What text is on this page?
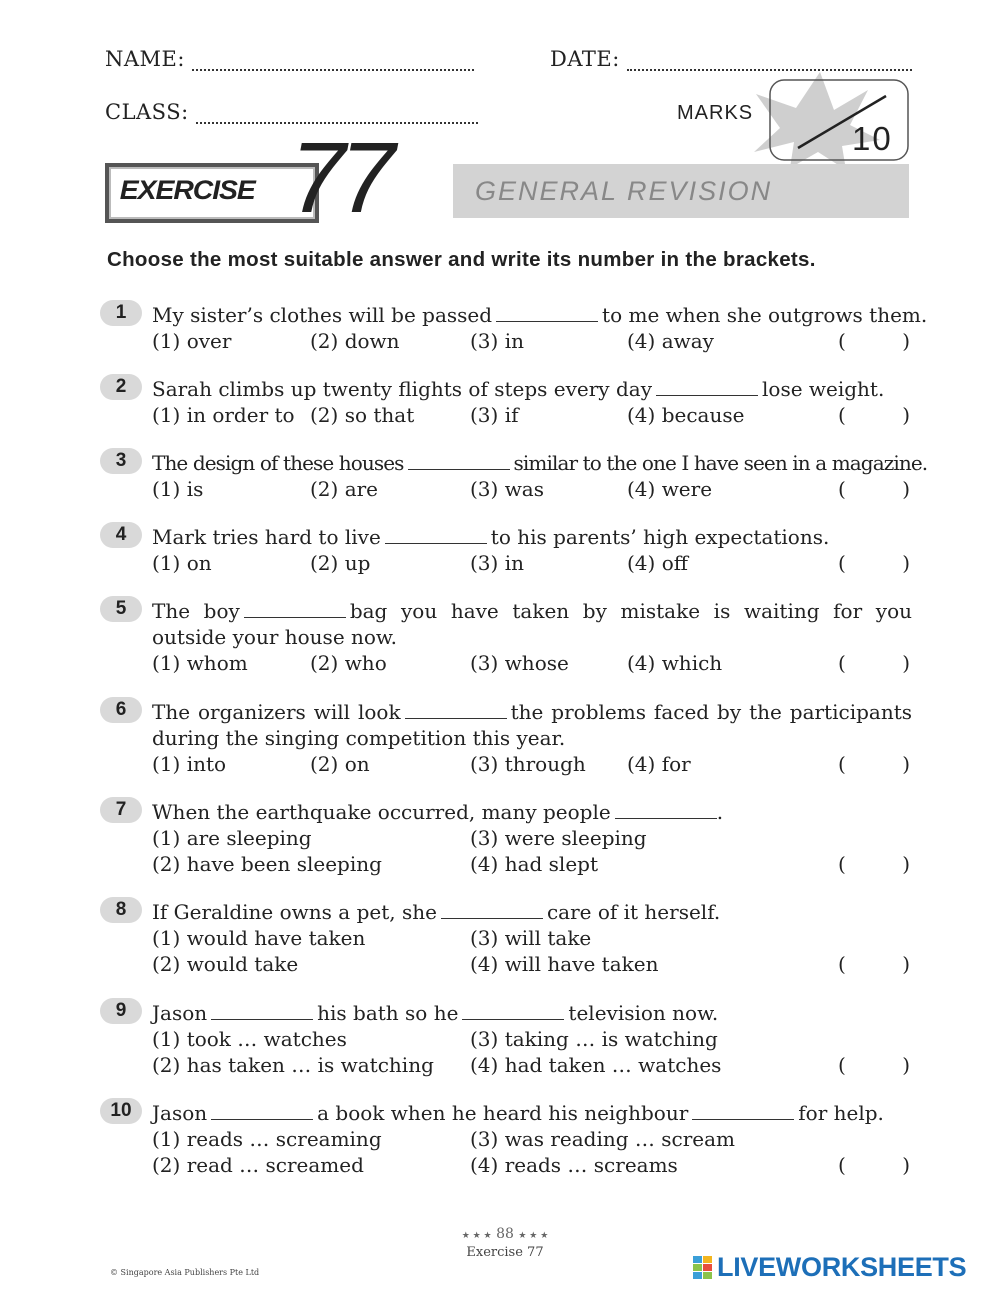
NAME:	DATE:
CLASS:	MARKS
10
EXERCISE 77	GENERAL REVISION
Choose the most suitable answer and write its number in the brackets.
1	My sister’s clothes will be passed	to me when she outgrows them.
(1) over	(2) down	(3) in	(4) away	(	)
2	Sarah climbs up twenty flights of steps every day	lose weight.
(1) in order to (2) so that	(3) if	(4) because	(	)
3	The design of these houses	similar to the one I have seen in a magazine.
(1) is	(2) are	(3) was	(4) were	(	)
4	Mark tries hard to live	to his parents’ high expectations.
(1) on	(2) up	(3) in	(4) off	(	)
5	The boy	bag you have taken by mistake is waiting for you outside your house now.
(1) whom	(2) who	(3) whose	(4) which	(	)
6	The organizers will look	the problems faced by the participants during the singing competition this year.
(1) into	(2) on	(3) through (4) for	(	)
7	When the earthquake occurred, many people	.
(1) are sleeping
(2) have been sleeping
(3) were sleeping
(4) had slept	(	)
8	If Geraldine owns a pet, she	care of it herself.
(1) would have taken
(2) would take
(3) will take
(4) will have taken	(	)
9	Jason	his bath so he	television now.
(1) took … watches
(2) has taken … is watching
(3) taking … is watching
(4) had taken … watches	(	)
10	Jason	a book when he heard his neighbour	for help.
(1) reads … screaming
(2) read … screamed
(3) was reading … scream
(4) reads … screams	(	)
★ ★ ★ 88 ★ ★ ★
Exercise 77
© Singapore Asia Publishers Pte Ltd	LIVEWORKSHEETS
